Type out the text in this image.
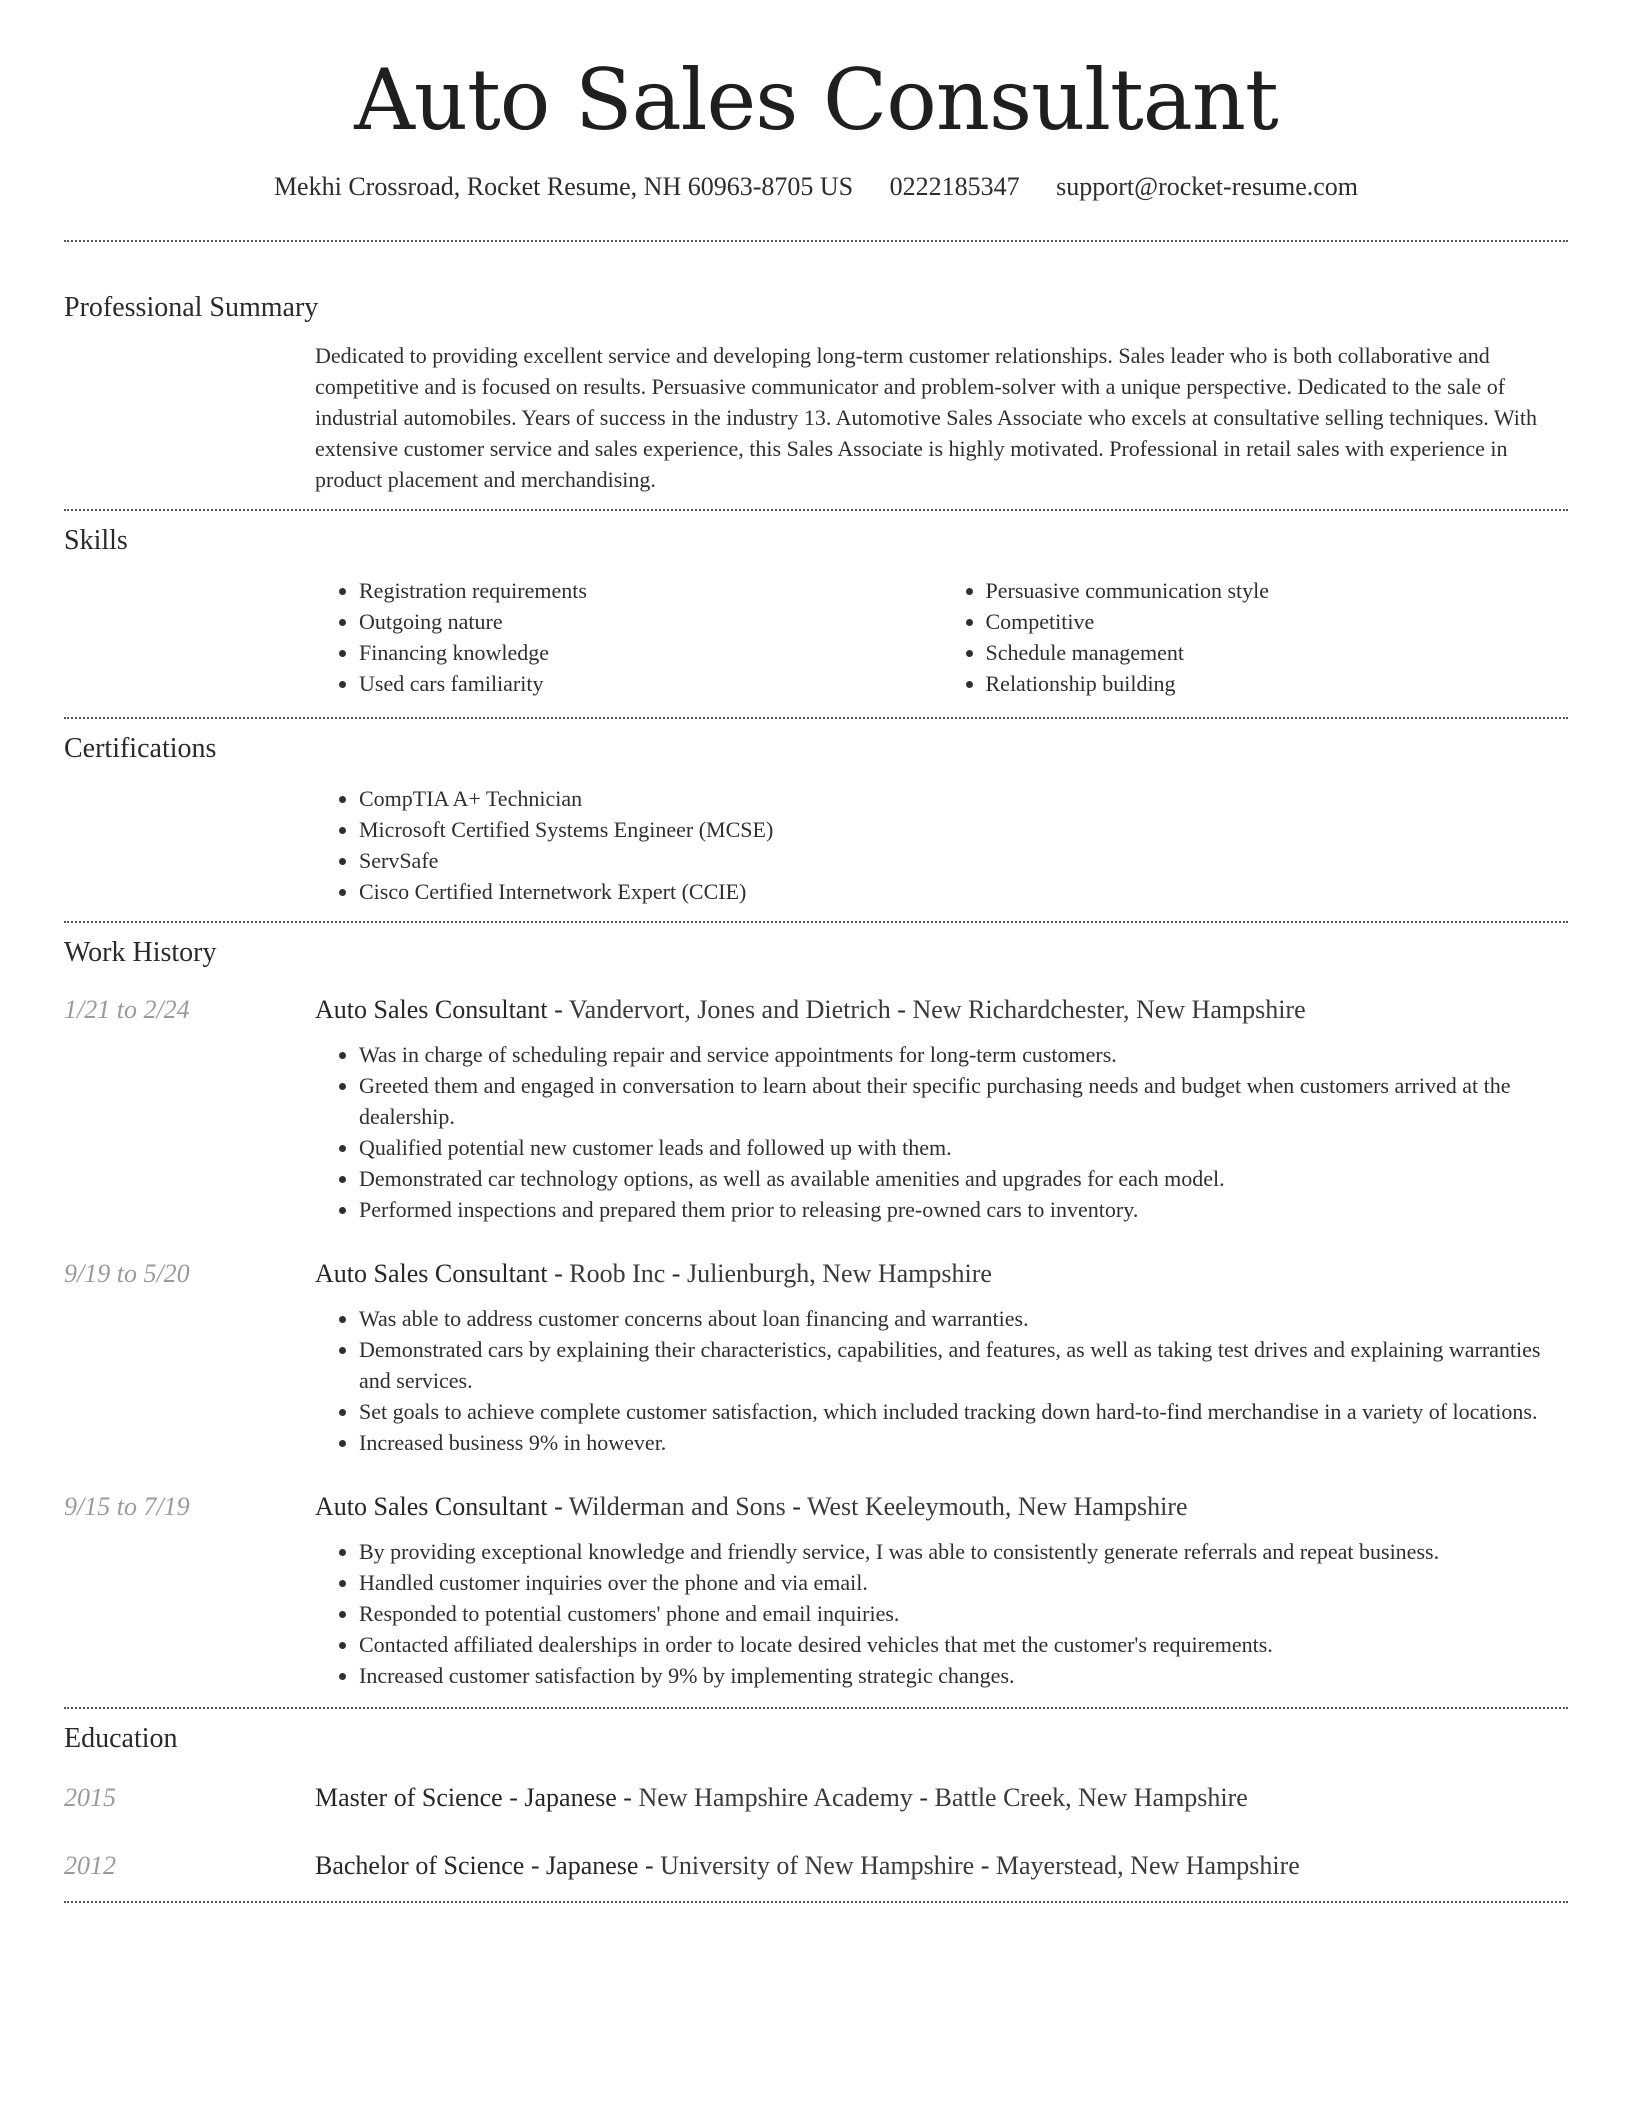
Auto Sales Consultant
Mekhi Crossroad, Rocket Resume, NH 60963-8705 US 0222185347 support@rocket-resume.com
Professional Summary

Dedicated to providing excellent service and developing long-term customer relationships. Sales leader who is both collaborative and competitive and is focused on results. Persuasive communicator and problem-solver with a unique perspective. Dedicated to the sale of industrial automobiles. Years of success in the industry 13. Automotive Sales Associate who excels at consultative selling techniques. With extensive customer service and sales experience, this Sales Associate is highly motivated. Professional in retail sales with experience in product placement and merchandising.

Skills
• Registration requirements
• Outgoing nature
• Financing knowledge
• Used cars familiarity
• Persuasive communication style
• Competitive
• Schedule management
• Relationship building
Certifications
• CompTIA A+ Technician
• Microsoft Certified Systems Engineer (MCSE)
• ServSafe
• Cisco Certified Internetwork Expert (CCIE)
Work History
1/21 to 2/24	Auto Sales Consultant - Vandervort, Jones and Dietrich - New Richardchester, New Hampshire
• Was in charge of scheduling repair and service appointments for long-term customers.
• Greeted them and engaged in conversation to learn about their specific purchasing needs and budget when customers arrived at the dealership.
• Qualified potential new customer leads and followed up with them.
• Demonstrated car technology options, as well as available amenities and upgrades for each model.
• Performed inspections and prepared them prior to releasing pre-owned cars to inventory.
9/19 to 5/20	Auto Sales Consultant - Roob Inc - Julienburgh, New Hampshire
• Was able to address customer concerns about loan financing and warranties.
• Demonstrated cars by explaining their characteristics, capabilities, and features, as well as taking test drives and explaining warranties and services.
• Set goals to achieve complete customer satisfaction, which included tracking down hard-to-find merchandise in a variety of locations.
• Increased business 9% in however.
9/15 to 7/19	Auto Sales Consultant - Wilderman and Sons - West Keeleymouth, New Hampshire
• By providing exceptional knowledge and friendly service, I was able to consistently generate referrals and repeat business.
• Handled customer inquiries over the phone and via email.
• Responded to potential customers' phone and email inquiries.
• Contacted affiliated dealerships in order to locate desired vehicles that met the customer's requirements.
• Increased customer satisfaction by 9% by implementing strategic changes.
Education
2015	Master of Science - Japanese - New Hampshire Academy - Battle Creek, New Hampshire
2012	Bachelor of Science - Japanese - University of New Hampshire - Mayerstead, New Hampshire
